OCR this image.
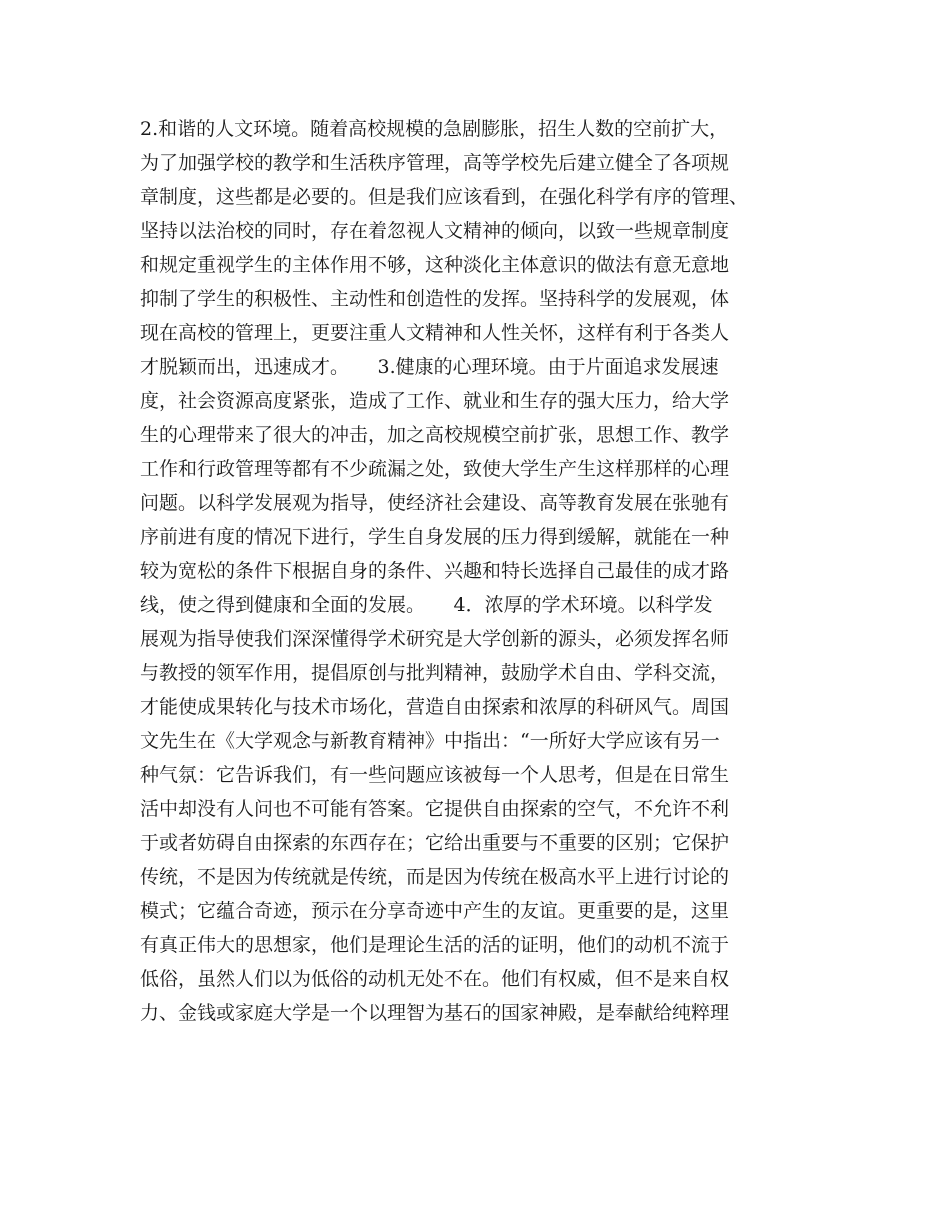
2.和谐的人文环境。随着高校规模的急剧膨胀，招生人数的空前扩大，
为了加强学校的教学和生活秩序管理，高等学校先后建立健全了各项规
章制度，这些都是必要的。但是我们应该看到，在强化科学有序的管理、
坚持以法治校的同时，存在着忽视人文精神的倾向，以致一些规章制度
和规定重视学生的主体作用不够，这种淡化主体意识的做法有意无意地
抑制了学生的积极性、主动性和创造性的发挥。坚持科学的发展观，体
现在高校的管理上，更要注重人文精神和人性关怀，这样有利于各类人
才脱颖而出，迅速成才。　　3.健康的心理环境。由于片面追求发展速
度，社会资源高度紧张，造成了工作、就业和生存的强大压力，给大学
生的心理带来了很大的冲击，加之高校规模空前扩张，思想工作、教学
工作和行政管理等都有不少疏漏之处，致使大学生产生这样那样的心理
问题。以科学发展观为指导，使经济社会建设、高等教育发展在张驰有
序前进有度的情况下进行，学生自身发展的压力得到缓解，就能在一种
较为宽松的条件下根据自身的条件、兴趣和特长选择自己最佳的成才路
线，使之得到健康和全面的发展。　　4．浓厚的学术环境。以科学发
展观为指导使我们深深懂得学术研究是大学创新的源头，必须发挥名师
与教授的领军作用，提倡原创与批判精神，鼓励学术自由、学科交流，
才能使成果转化与技术市场化，营造自由探索和浓厚的科研风气。周国
文先生在《大学观念与新教育精神》中指出：“一所好大学应该有另一
种气氛：它告诉我们，有一些问题应该被每一个人思考，但是在日常生
活中却没有人问也不可能有答案。它提供自由探索的空气，不允许不利
于或者妨碍自由探索的东西存在；它给出重要与不重要的区别；它保护
传统，不是因为传统就是传统，而是因为传统在极高水平上进行讨论的
模式；它蕴合奇迹，预示在分享奇迹中产生的友谊。更重要的是，这里
有真正伟大的思想家，他们是理论生活的活的证明，他们的动机不流于
低俗，虽然人们以为低俗的动机无处不在。他们有权威，但不是来自权
力、金钱或家庭大学是一个以理智为基石的国家神殿，是奉献给纯粹理
